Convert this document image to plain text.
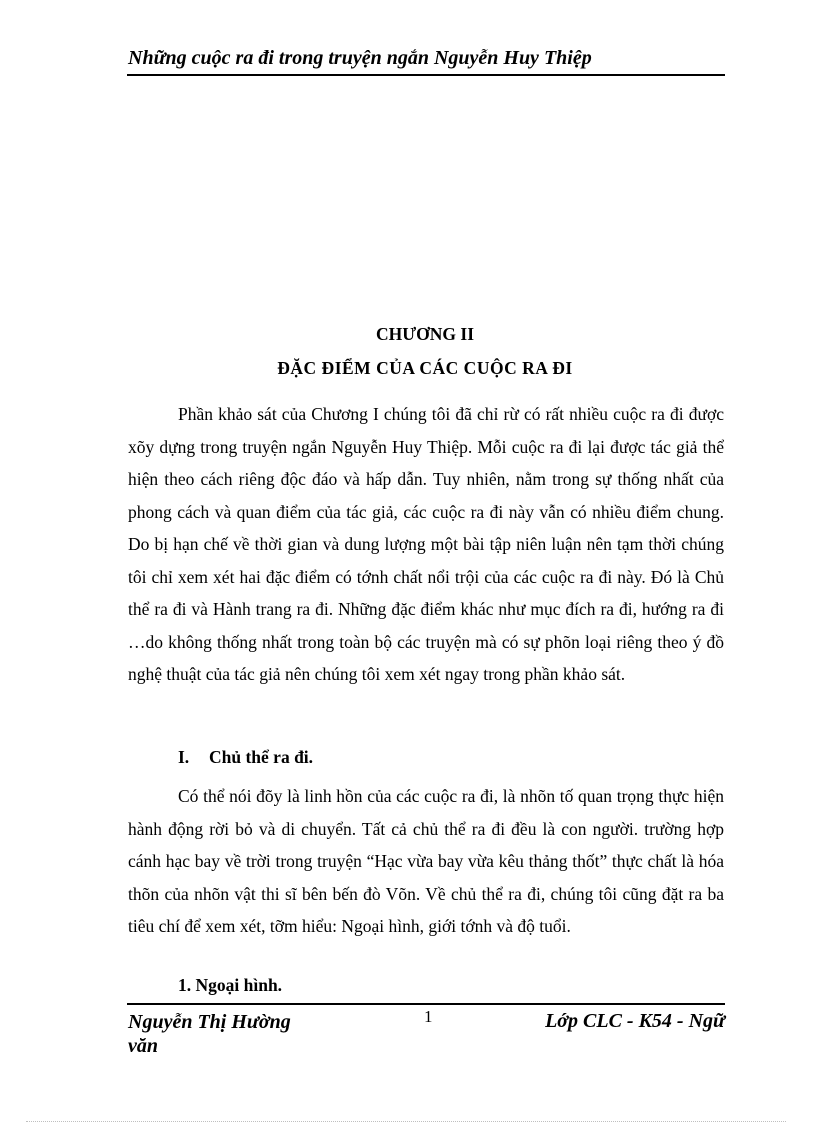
Những cuộc ra đi trong truyện ngắn Nguyễn Huy Thiệp
CHƯƠNG II
ĐẶC ĐIỂM CỦA CÁC CUỘC RA ĐI

Phần khảo sát của Chương I chúng tôi đã chỉ rừ có rất nhiều cuộc ra đi được xõy dựng trong truyện ngắn Nguyễn Huy Thiệp. Mỗi cuộc ra đi lại được tác giả thể hiện theo cách riêng độc đáo và hấp dẫn. Tuy nhiên, nằm trong sự thống nhất của phong cách và quan điểm của tác giả, các cuộc ra đi này vẫn có nhiều điểm chung. Do bị hạn chế về thời gian và dung lượng một bài tập niên luận nên tạm thời chúng tôi chỉ xem xét hai đặc điểm có tớnh chất nổi trội của các cuộc ra đi này. Đó là Chủ thể ra đi và Hành trang ra đi. Những đặc điểm khác như mục đích ra đi, hướng ra đi …do không thống nhất trong toàn bộ các truyện mà có sự phõn loại riêng theo ý đồ nghệ thuật của tác giả nên chúng tôi xem xét ngay trong phần khảo sát.

I. Chủ thể ra đi.

Có thể nói đõy là linh hồn của các cuộc ra đi, là nhõn tố quan trọng thực hiện hành động rời bỏ và di chuyển. Tất cả chủ thể ra đi đều là con người. trường hợp cánh hạc bay về trời trong truyện “Hạc vừa bay vừa kêu thảng thốt” thực chất là hóa thõn của nhõn vật thi sĩ bên bến đò Võn. Về chủ thể ra đi, chúng tôi cũng đặt ra ba tiêu chí để xem xét, tỡm hiểu: Ngoại hình, giới tớnh và độ tuổi.

1. Ngoại hình.
Nguyễn Thị Hường
văn
1	Lớp CLC - K54 - Ngữ
